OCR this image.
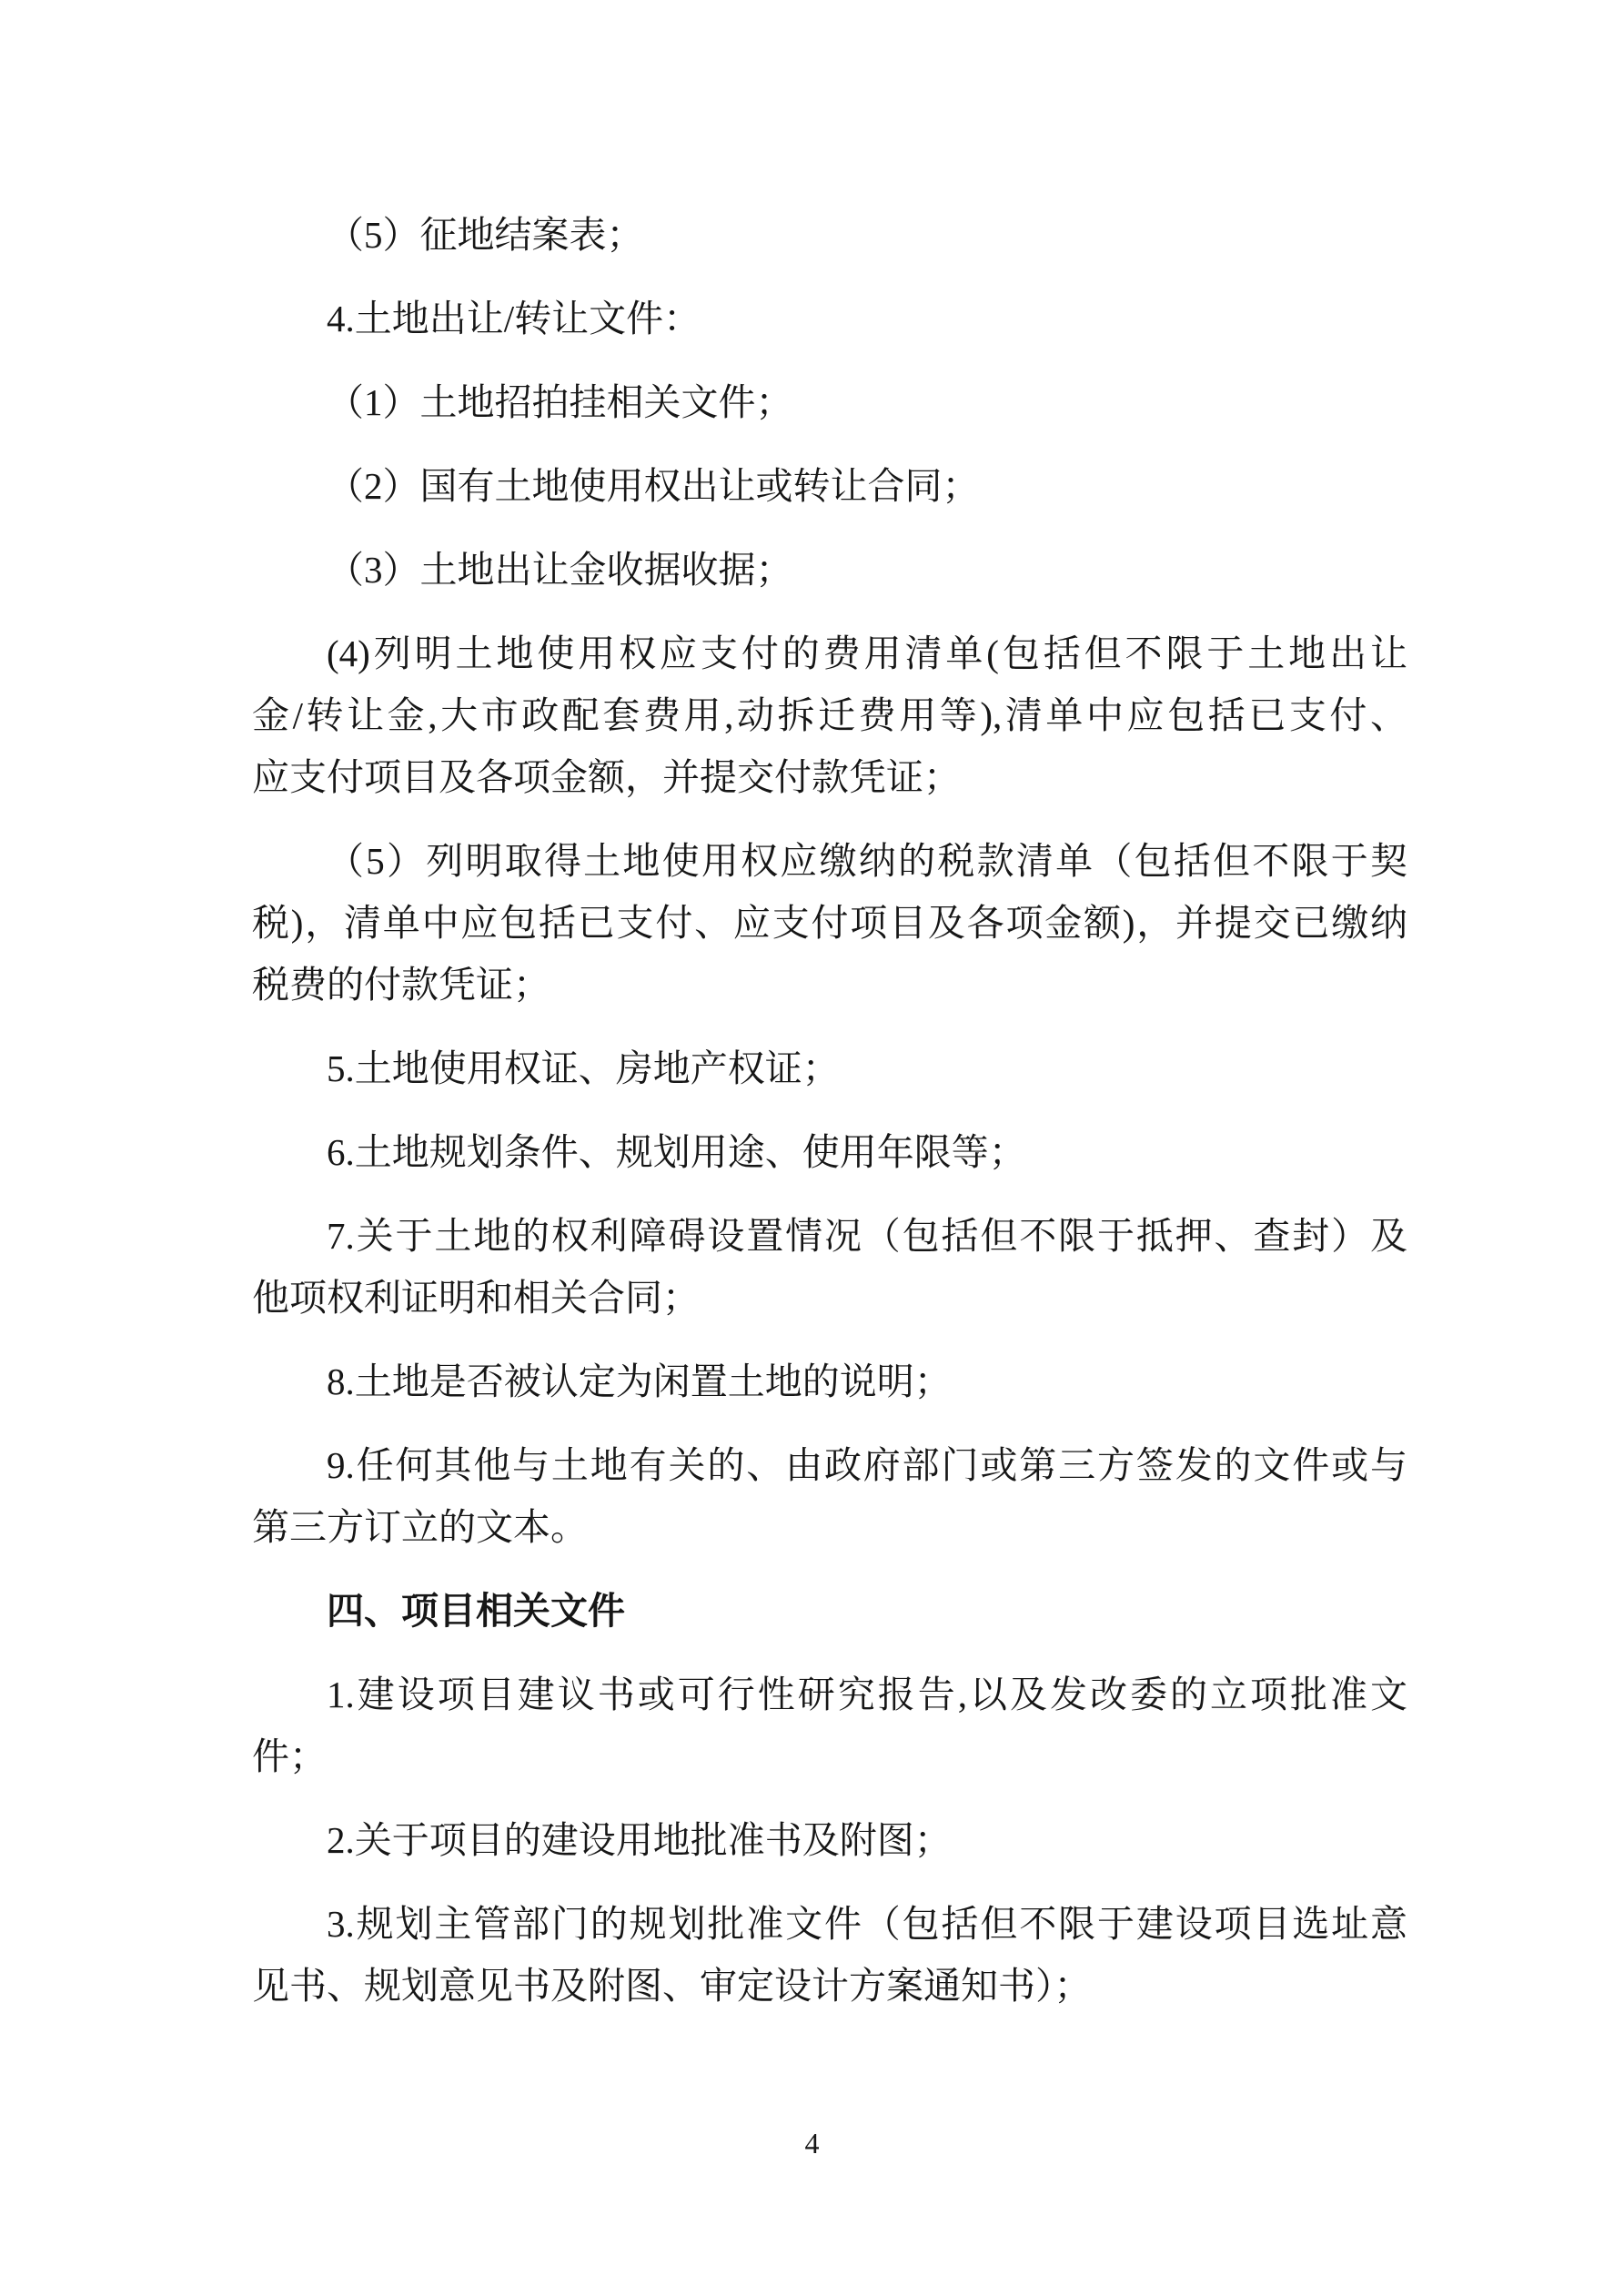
（5）征地结案表；

4.土地出让/转让文件：

（1）土地招拍挂相关文件；

（2）国有土地使用权出让或转让合同；

（3）土地出让金收据收据；

(4)列明土地使用权应支付的费用清单(包括但不限于土地出让
金/转让金,大市政配套费用,动拆迁费用等),清单中应包括已支付、
应支付项目及各项金额，并提交付款凭证；

（5）列明取得土地使用权应缴纳的税款清单（包括但不限于契
税)，清单中应包括已支付、应支付项目及各项金额)，并提交已缴纳
税费的付款凭证；

5.土地使用权证、房地产权证；

6.土地规划条件、规划用途、使用年限等；

7.关于土地的权利障碍设置情况（包括但不限于抵押、查封）及
他项权利证明和相关合同；

8.土地是否被认定为闲置土地的说明；

9.任何其他与土地有关的、由政府部门或第三方签发的文件或与
第三方订立的文本。

四、项目相关文件

1.建设项目建议书或可行性研究报告,以及发改委的立项批准文
件；

2.关于项目的建设用地批准书及附图；

3.规划主管部门的规划批准文件（包括但不限于建设项目选址意
见书、规划意见书及附图、审定设计方案通知书）；

4
